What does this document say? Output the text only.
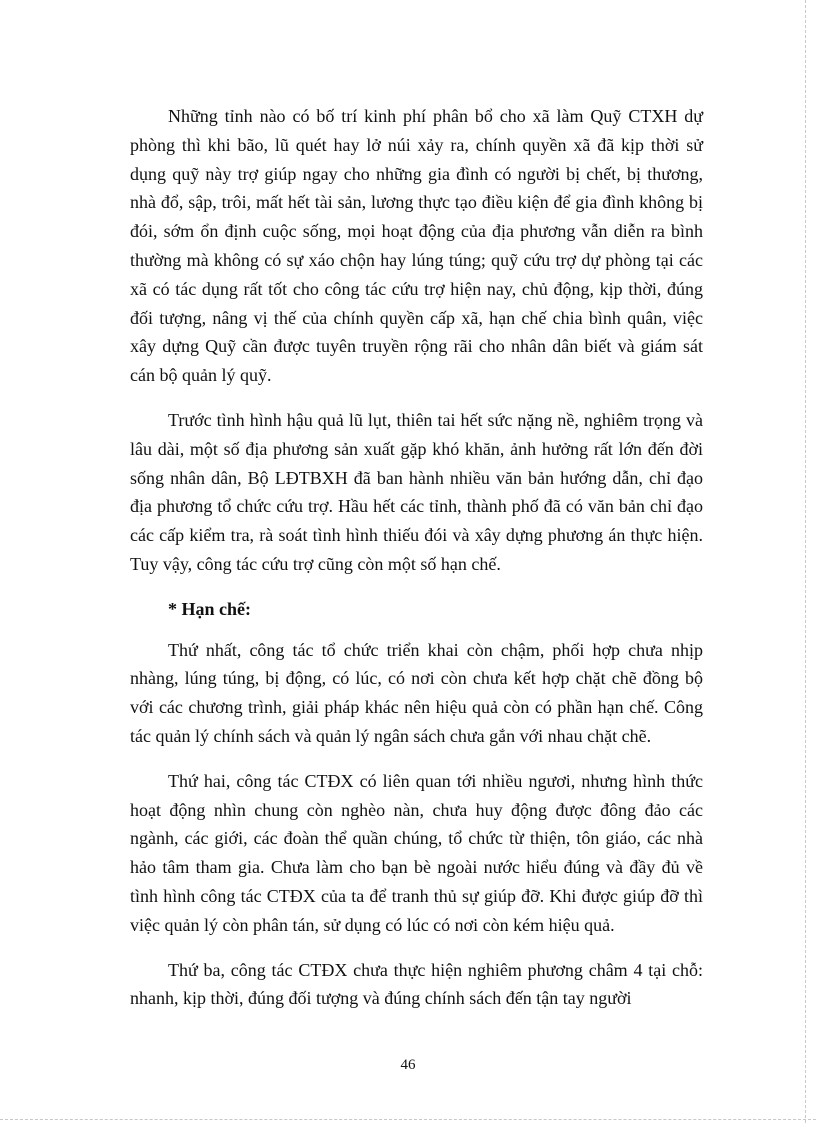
Những tỉnh nào có bố trí kinh phí phân bổ cho xã làm Quỹ CTXH dự phòng thì khi bão, lũ quét hay lở núi xảy ra, chính quyền xã đã kịp thời sử dụng quỹ này trợ giúp ngay cho những gia đình có người bị chết, bị thương, nhà đổ, sập, trôi, mất hết tài sản, lương thực tạo điều kiện để gia đình không bị đói, sớm ổn định cuộc sống, mọi hoạt động của địa phương vẫn diễn ra bình thường mà không có sự xáo chộn hay lúng túng; quỹ cứu trợ dự phòng tại các xã có tác dụng rất tốt cho công tác cứu trợ hiện nay, chủ động, kịp thời, đúng đối tượng, nâng vị thế của chính quyền cấp xã, hạn chế chia bình quân, việc xây dựng Quỹ cần được tuyên truyền rộng rãi cho nhân dân biết và giám sát cán bộ quản lý quỹ.

Trước tình hình hậu quả lũ lụt, thiên tai hết sức nặng nề, nghiêm trọng và lâu dài, một số địa phương sản xuất gặp khó khăn, ảnh hưởng rất lớn đến đời sống nhân dân, Bộ LĐTBXH đã ban hành nhiều văn bản hướng dẫn, chỉ đạo địa phương tổ chức cứu trợ. Hầu hết các tỉnh, thành phố đã có văn bản chỉ đạo các cấp kiểm tra, rà soát tình hình thiếu đói và xây dựng phương án thực hiện. Tuy vậy, công tác cứu trợ cũng còn một số hạn chế.

* Hạn chế:

Thứ nhất, công tác tổ chức triển khai còn chậm, phối hợp chưa nhịp nhàng, lúng túng, bị động, có lúc, có nơi còn chưa kết hợp chặt chẽ đồng bộ với các chương trình, giải pháp khác nên hiệu quả còn có phần hạn chế. Công tác quản lý chính sách và quản lý ngân sách chưa gắn với nhau chặt chẽ.

Thứ hai, công tác CTĐX có liên quan tới nhiều ngươi, nhưng hình thức hoạt động nhìn chung còn nghèo nàn, chưa huy động được đông đảo các ngành, các giới, các đoàn thể quần chúng, tổ chức từ thiện, tôn giáo, các nhà hảo tâm tham gia. Chưa làm cho bạn bè ngoài nước hiểu đúng và đầy đủ về tình hình công tác CTĐX của ta để tranh thủ sự giúp đỡ. Khi được giúp đỡ thì việc quản lý còn phân tán, sử dụng có lúc có nơi còn kém hiệu quả.

Thứ ba, công tác CTĐX chưa thực hiện nghiêm phương châm 4 tại chỗ: nhanh, kịp thời, đúng đối tượng và đúng chính sách đến tận tay người

46
